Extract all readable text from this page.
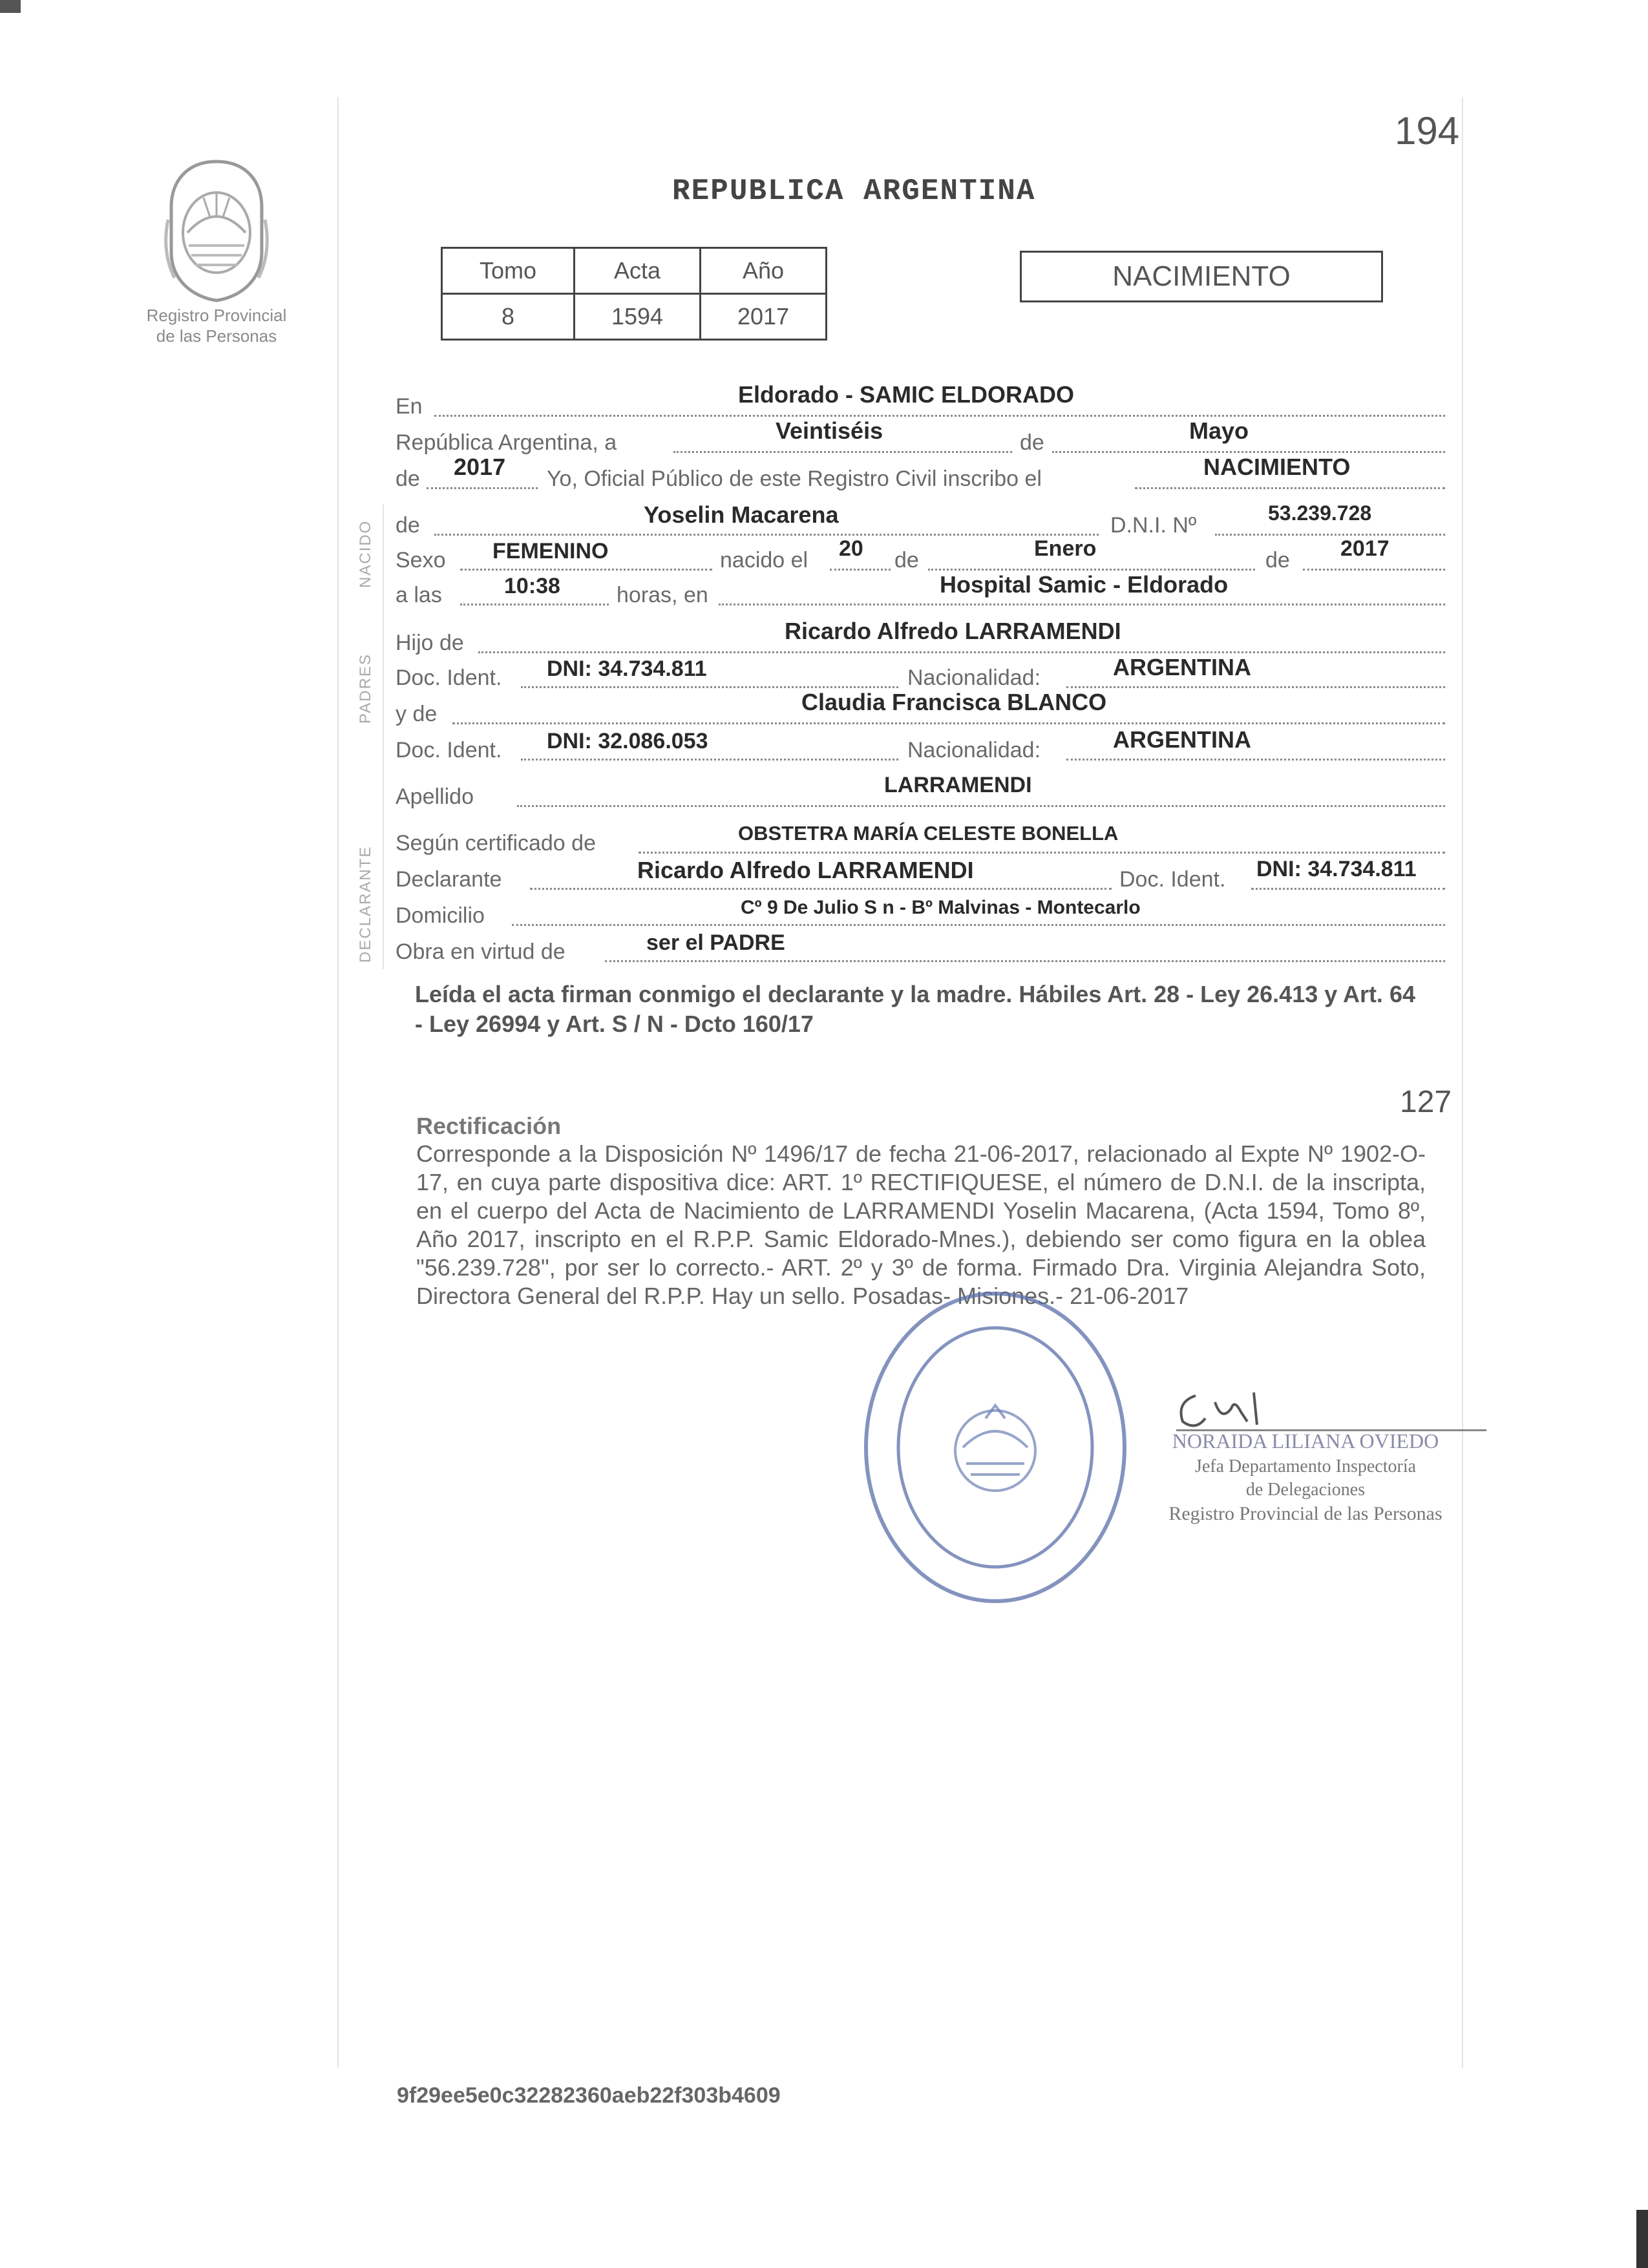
194
Registro Provincial
de las Personas
REPUBLICA ARGENTINA
Tomo	Acta	Año
8	1594	2017
NACIMIENTO
NACIDO
PADRES
DECLARANTE
En	Eldorado - SAMIC ELDORADO
República Argentina, a	Veintiséis	de	Mayo
de 2017 Yo, Oficial Público de este Registro Civil inscribo el	NACIMIENTO
de	Yoselin Macarena	D.N.I. Nº	53.239.728
Sexo FEMENINO	nacido el 20 de	Enero	de 2017
a las	10:38	horas, en	Hospital Samic - Eldorado
Hijo de	Ricardo Alfredo LARRAMENDI
Doc. Ident. DNI: 34.734.811	Nacionalidad:	ARGENTINA
y de	Claudia Francisca BLANCO
Doc. Ident. DNI: 32.086.053	Nacionalidad:	ARGENTINA
Apellido	LARRAMENDI
Según certificado de	OBSTETRA MARÍA CELESTE BONELLA
Declarante	Ricardo Alfredo LARRAMENDI	Doc. Ident. DNI: 34.734.811
Domicilio	Cº 9 De Julio S n - Bº Malvinas - Montecarlo
Obra en virtud de	ser el PADRE
Leída el acta firman conmigo el declarante y la madre. Hábiles Art. 28 - Ley 26.413 y Art. 64 - Ley 26994 y Art. S / N - Dcto 160/17
127
Rectificación
Corresponde a la Disposición Nº 1496/17 de fecha 21-06-2017, relacionado al Expte Nº 1902-O-17, en cuya parte dispositiva dice: ART. 1º RECTIFIQUESE, el número de D.N.I. de la inscripta, en el cuerpo del Acta de Nacimiento de LARRAMENDI Yoselin Macarena, (Acta 1594, Tomo 8º, Año 2017, inscripto en el R.P.P. Samic Eldorado-Mnes.), debiendo ser como figura en la oblea "56.239.728", por ser lo correcto.- ART. 2º y 3º de forma. Firmado Dra. Virginia Alejandra Soto, Directora General del R.P.P. Hay un sello. Posadas- Misiones.- 21-06-2017
NORAIDA LILIANA OVIEDO
Jefa Departamento Inspectoría
de Delegaciones
Registro Provincial de las Personas
9f29ee5e0c32282360aeb22f303b4609
